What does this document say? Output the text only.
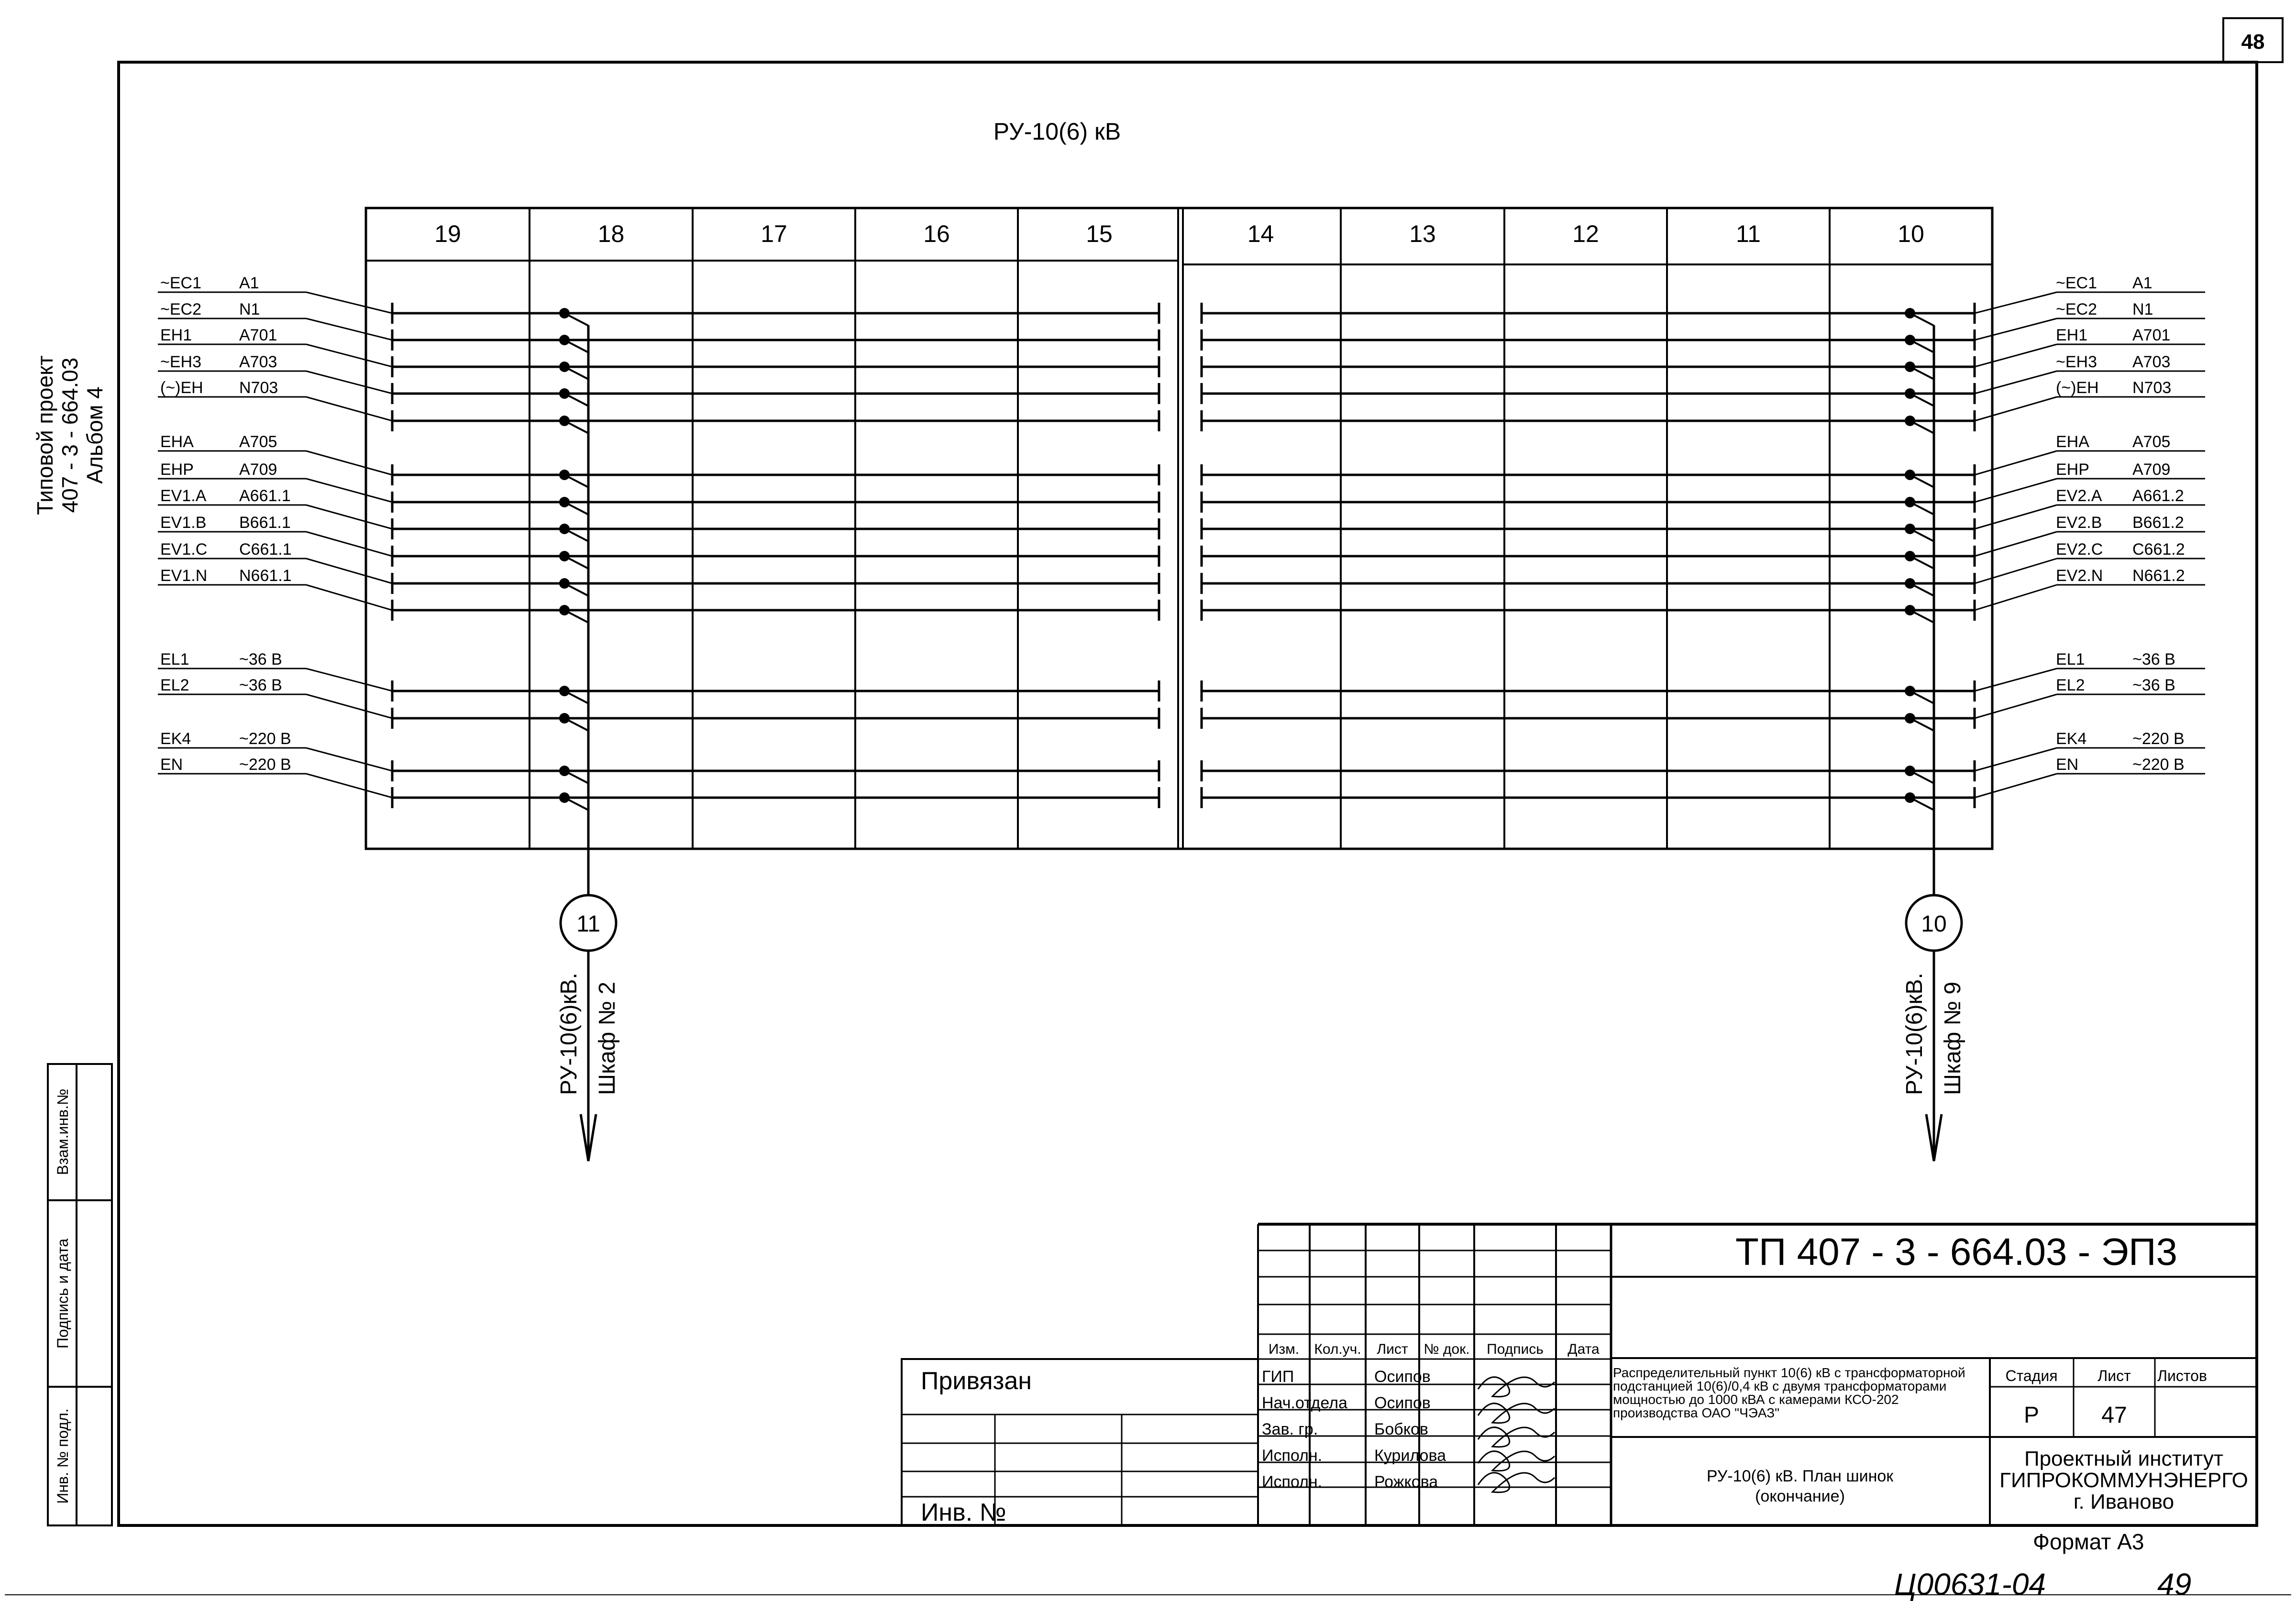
48
Типовой проект 407 - 3 - 664.03 Альбом 4
Взам.инв.№
Подпись и дата
Инв. № подл.
РУ-10(6) кВ
19	18	17	16	15	14	13	12	11	10
~EC1 A1
~EC2 N1
EH1	A701
~EH3 A703
(~)EH N703
EHA	A705
EHP	A709
EV1.A A661.1
EV1.B B661.1
EV1.C C661.1
EV1.N N661.1
EL1	~36 В
EL2	~36 В
EK4	~220 В
EN	~220 В
~EC1 A1
~EC2 N1
EH1	A701
~EH3 A703
(~)EH N703
EHA	A705
EHP	A709
EV2.A A661.2
EV2.B B661.2
EV2.C C661.2
EV2.N N661.2
EL1	~36 В
EL2	~36 В
EK4	~220 В
EN	~220 В
11
РУ-10(6)кВ. Шкаф № 2
10
РУ-10(6)кВ. Шкаф № 9
Изм. Кол.уч. Лист № док. Подпись Дата
ГИП	Осипов
Нач.отдела Осипов
Зав. гр.	Бобков
Исполн.	Курилова
Исполн.	Рожкова
Привязан
Инв. №
ТП 407 - 3 - 664.03 - ЭП3
Распределительный пункт 10(6) кВ с трансформаторной
подстанцией 10(6)/0,4 кВ с двумя трансформаторами
мощностью до 1000 кВА с камерами КСО-202
производства ОАО "ЧЭАЗ"
РУ-10(6) кВ. План шинок
(окончание)
Стадия	Лист Листов
Р	47
Проектный институт
ГИПРОКОММУНЭНЕРГО
г. Иваново
Формат А3
Ц00631-04	49
